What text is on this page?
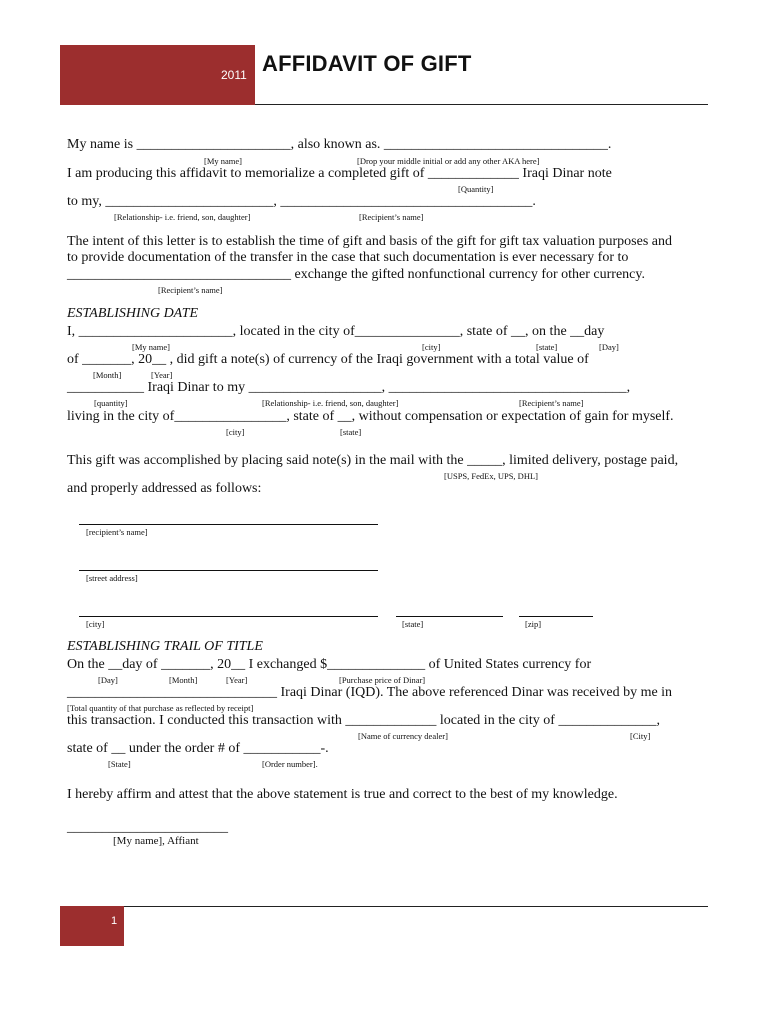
2011 AFFIDAVIT OF GIFT
My name is ______________________, also known as. ________________________________.
[My name]	[Drop your middle initial or add any other AKA here]
I am producing this affidavit to memorialize a completed gift of _____________ Iraqi Dinar note
[Quantity]
to my, ________________________, ____________________________________.
[Relationship- i.e. friend, son, daughter]	[Recipient’s name]
The intent of this letter is to establish the time of gift and basis of the gift for gift tax valuation purposes and
to provide documentation of the transfer in the case that such documentation is ever necessary for to
________________________________ exchange the gifted nonfunctional currency for other currency.
[Recipient’s name]
ESTABLISHING DATE
I, ______________________, located in the city of_______________, state of __, on the __day
[My name]	[city]	[state]	[Day]
of _______, 20__ , did gift a note(s) of currency of the Iraqi government with a total value of
[Month]	[Year]
___________ Iraqi Dinar to my ___________________, __________________________________,
[quantity]	[Relationship- i.e. friend, son, daughter]	[Recipient’s name]
living in the city of________________, state of __, without compensation or expectation of gain for myself.
[city]	[state]
This gift was accomplished by placing said note(s) in the mail with the _____, limited delivery, postage paid,
[USPS, FedEx, UPS, DHL]
and properly addressed as follows:
[recipient’s name]
[street address]
[city]	[state]	[zip]
ESTABLISHING TRAIL OF TITLE
On the __day of _______, 20__ I exchanged $______________ of United States currency for
[Day]	[Month]	[Year]	[Purchase price of Dinar]
______________________________ Iraqi Dinar (IQD). The above referenced Dinar was received by me in
[Total quantity of that purchase as reflected by receipt]
this transaction. I conducted this transaction with _____________ located in the city of ______________,
[Name of currency dealer]	[City]
state of __ under the order # of ___________-.
[State]	[Order number].
I hereby affirm and attest that the above statement is true and correct to the best of my knowledge.
_______________________
[My name], Affiant
1
